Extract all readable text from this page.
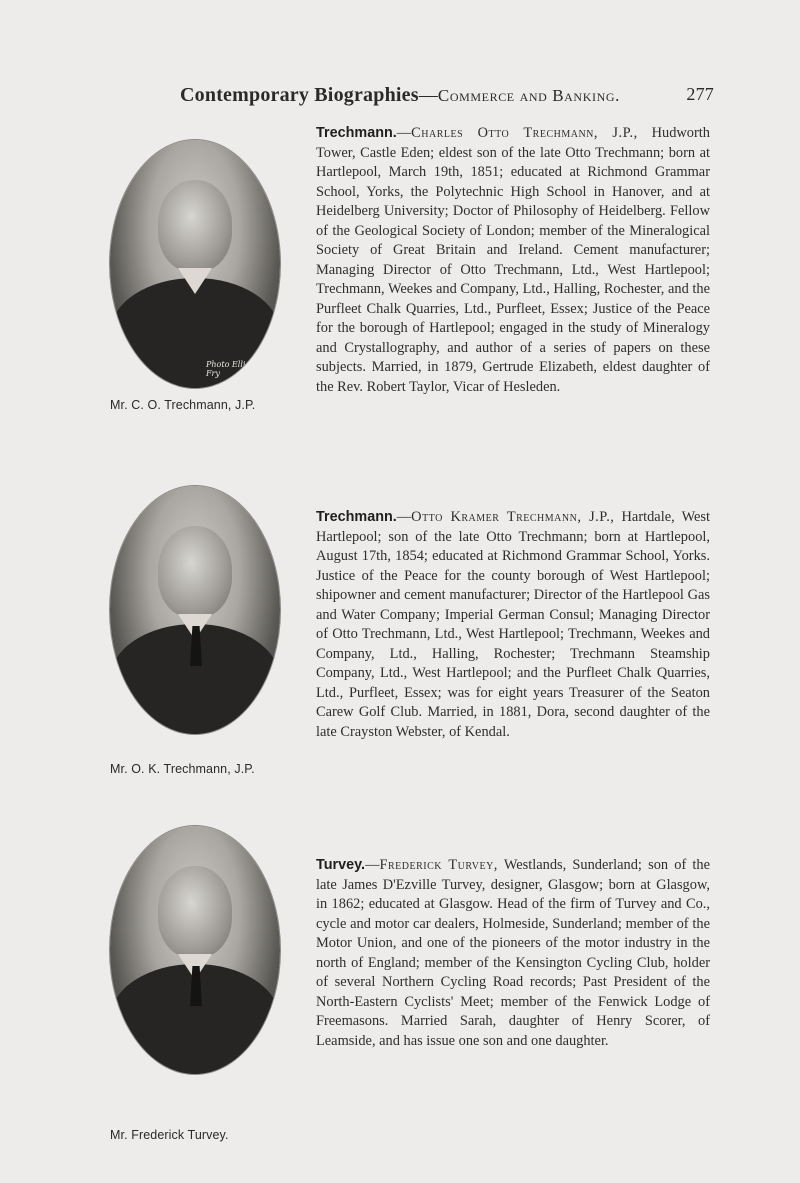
Contemporary Biographies—Commerce and Banking.	277
Photo Elliott & Fry
Mr. C. O. Trechmann, J.P.

Trechmann.—Charles Otto Trechmann, J.P., Hudworth Tower, Castle Eden; eldest son of the late Otto Trechmann; born at Hartlepool, March 19th, 1851; educated at Richmond Grammar School, Yorks, the Polytechnic High School in Hanover, and at Heidelberg University; Doctor of Philosophy of Heidelberg. Fellow of the Geological Society of London; member of the Mineralogical Society of Great Britain and Ireland. Cement manufacturer; Managing Director of Otto Trechmann, Ltd., West Hartlepool; Trechmann, Weekes and Company, Ltd., Halling, Rochester, and the Purfleet Chalk Quarries, Ltd., Purfleet, Essex; Justice of the Peace for the borough of Hartlepool; engaged in the study of Mineralogy and Crystallography, and author of a series of papers on these subjects. Married, in 1879, Gertrude Elizabeth, eldest daughter of the Rev. Robert Taylor, Vicar of Hesleden.

Mr. O. K. Trechmann, J.P.

Trechmann.—Otto Kramer Trechmann, J.P., Hartdale, West Hartlepool; son of the late Otto Trechmann; born at Hartlepool, August 17th, 1854; educated at Richmond Grammar School, Yorks. Justice of the Peace for the county borough of West Hartlepool; shipowner and cement manufacturer; Director of the Hartlepool Gas and Water Company; Imperial German Consul; Managing Director of Otto Trechmann, Ltd., West Hartlepool; Trechmann, Weekes and Company, Ltd., Halling, Rochester; Trechmann Steamship Company, Ltd., West Hartlepool; and the Purfleet Chalk Quarries, Ltd., Purfleet, Essex; was for eight years Treasurer of the Seaton Carew Golf Club. Married, in 1881, Dora, second daughter of the late Crayston Webster, of Kendal.

Mr. Frederick Turvey.

Turvey.—Frederick Turvey, Westlands, Sunderland; son of the late James D'Ezville Turvey, designer, Glasgow; born at Glasgow, in 1862; educated at Glasgow. Head of the firm of Turvey and Co., cycle and motor car dealers, Holmeside, Sunderland; member of the Motor Union, and one of the pioneers of the motor industry in the north of England; member of the Kensington Cycling Club, holder of several Northern Cycling Road records; Past President of the North-Eastern Cyclists' Meet; member of the Fenwick Lodge of Freemasons. Married Sarah, daughter of Henry Scorer, of Leamside, and has issue one son and one daughter.
